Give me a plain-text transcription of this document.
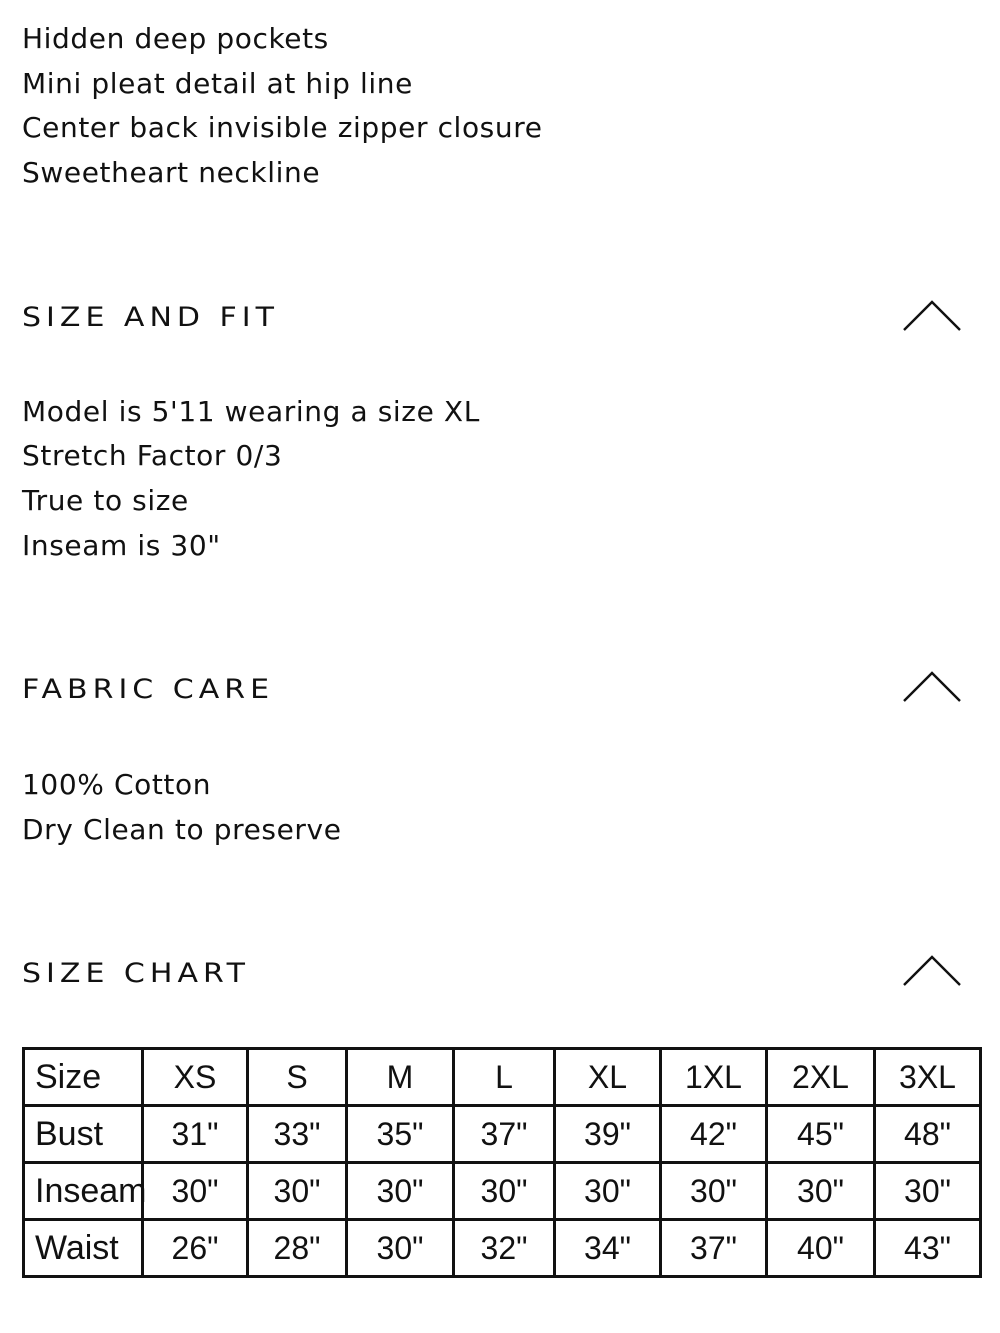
Hidden deep pockets
Mini pleat detail at hip line
Center back invisible zipper closure
Sweetheart neckline
SIZE AND FIT
Model is 5'11 wearing a size XL
Stretch Factor 0/3
True to size
Inseam is 30"
FABRIC CARE
100% Cotton
Dry Clean to preserve
SIZE CHART
Size	XS	S	M	L	XL	1XL	2XL	3XL
Bust	31"	33"	35"	37"	39"	42"	45"	48"
Inseam	30"	30"	30"	30"	30"	30"	30"	30"
Waist	26"	28"	30"	32"	34"	37"	40"	43"
